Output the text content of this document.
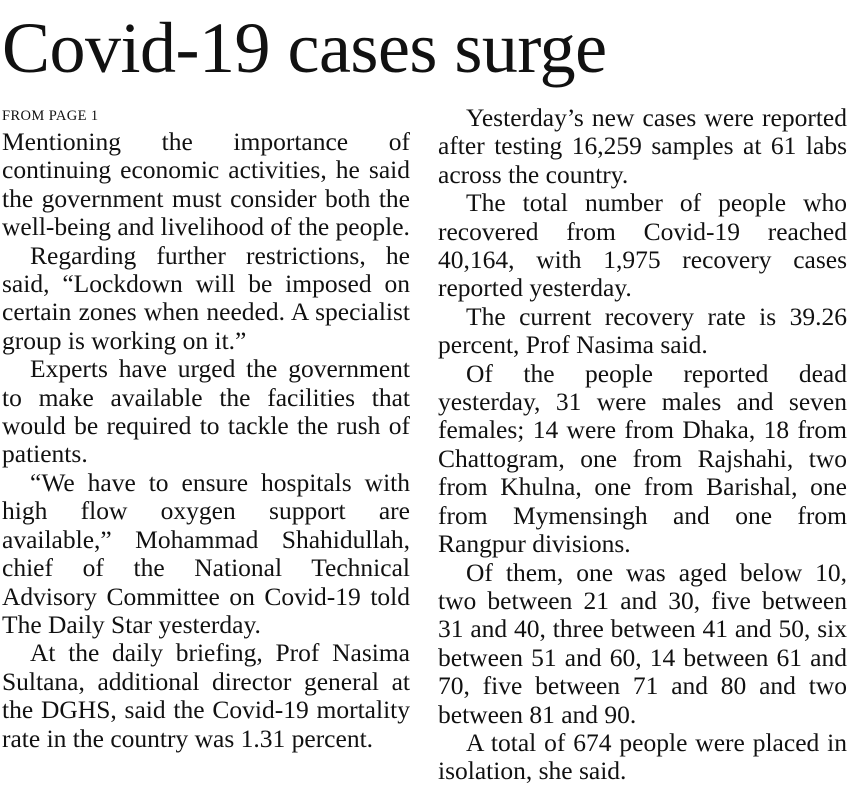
Covid-19 cases surge
FROM PAGE 1

Mentioning the importance of continuing economic activities, he said the government must consider both the well-being and livelihood of the people.

Regarding further restrictions, he said, “Lockdown will be imposed on certain zones when needed. A specialist group is working on it.”

Experts have urged the government to make available the facilities that would be required to tackle the rush of patients.

“We have to ensure hospitals with high flow oxygen support are available,” Mohammad Shahidullah, chief of the National Technical Advisory Committee on Covid-19 told The Daily Star yesterday.

At the daily briefing, Prof Nasima Sultana, additional director general at the DGHS, said the Covid-19 mortality rate in the country was 1.31 percent.

Yesterday’s new cases were reported after testing 16,259 samples at 61 labs across the country.

The total number of people who recovered from Covid-19 reached 40,164, with 1,975 recovery cases reported yesterday.

The current recovery rate is 39.26 percent, Prof Nasima said.

Of the people reported dead yesterday, 31 were males and seven females; 14 were from Dhaka, 18 from Chattogram, one from Rajshahi, two from Khulna, one from Barishal, one from Mymensingh and one from Rangpur divisions.

Of them, one was aged below 10, two between 21 and 30, five between 31 and 40, three between 41 and 50, six between 51 and 60, 14 between 61 and 70, five between 71 and 80 and two between 81 and 90.

A total of 674 people were placed in isolation, she said.
